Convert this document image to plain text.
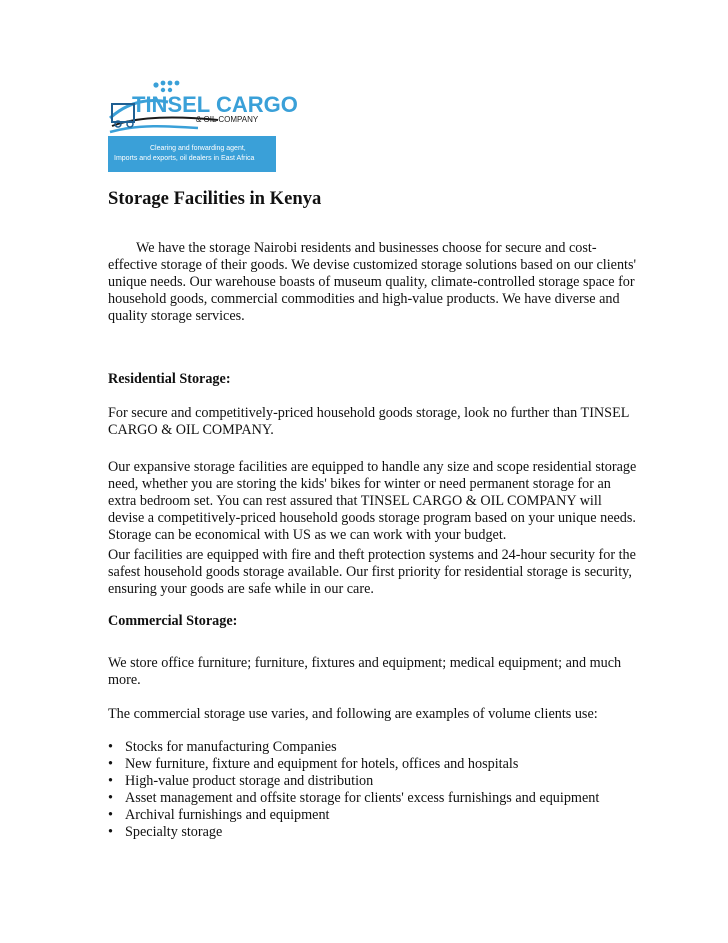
TINSEL CARGO
& OIL COMPANY
Clearing and forwarding agent,
Imports and exports, oil dealers in East Africa
Storage Facilities in Kenya

We have the storage Nairobi residents and businesses choose for secure and cost-effective storage of their goods. We devise customized storage solutions based on our clients' unique needs. Our warehouse boasts of museum quality, climate-controlled storage space for household goods, commercial commodities and high-value products. We have diverse and quality storage services.

Residential Storage:

For secure and competitively-priced household goods storage, look no further than TINSEL CARGO & OIL COMPANY.

Our expansive storage facilities are equipped to handle any size and scope residential storage need, whether you are storing the kids' bikes for winter or need permanent storage for an extra bedroom set. You can rest assured that TINSEL CARGO & OIL COMPANY will devise a competitively-priced household goods storage program based on your unique needs. Storage can be economical with US as we can work with your budget.

Our facilities are equipped with fire and theft protection systems and 24-hour security for the safest household goods storage available. Our first priority for residential storage is security, ensuring your goods are safe while in our care.

Commercial Storage:

We store office furniture; furniture, fixtures and equipment; medical equipment; and much more.

The commercial storage use varies, and following are examples of volume clients use:

• Stocks for manufacturing Companies
• New furniture, fixture and equipment for hotels, offices and hospitals
• High-value product storage and distribution
• Asset management and offsite storage for clients' excess furnishings and equipment
• Archival furnishings and equipment
• Specialty storage
